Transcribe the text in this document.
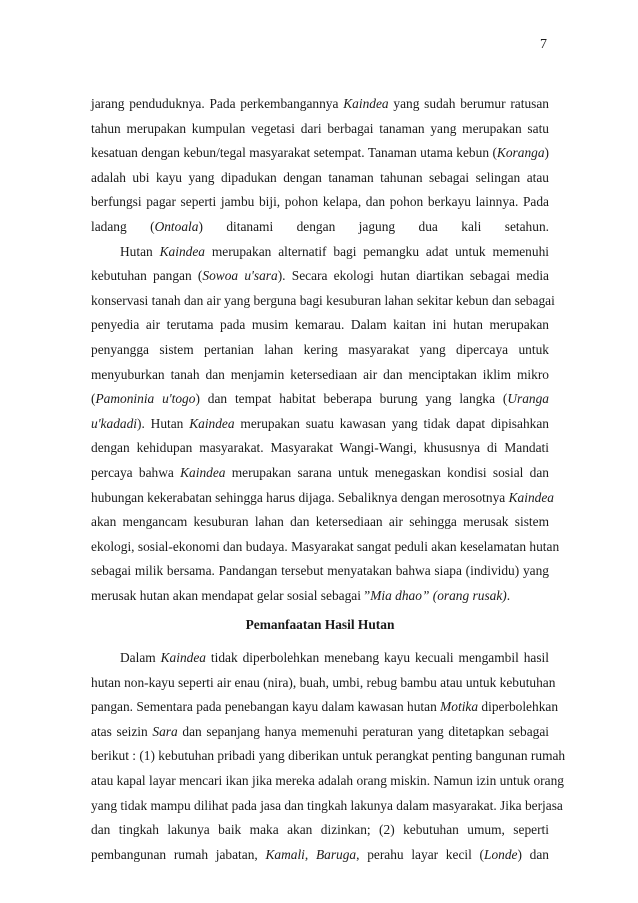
7
jarang penduduknya. Pada perkembangannya Kaindea yang sudah berumur ratusan
tahun merupakan kumpulan vegetasi dari berbagai tanaman yang merupakan satu
kesatuan dengan kebun/tegal masyarakat setempat. Tanaman utama kebun (Koranga)
adalah ubi kayu yang dipadukan dengan tanaman tahunan sebagai selingan atau
berfungsi pagar seperti jambu biji, pohon kelapa, dan pohon berkayu lainnya. Pada
ladang (Ontoala) ditanami dengan jagung dua kali setahun.
Hutan Kaindea merupakan alternatif bagi pemangku adat untuk memenuhi
kebutuhan pangan (Sowoa u'sara). Secara ekologi hutan diartikan sebagai media
konservasi tanah dan air yang berguna bagi kesuburan lahan sekitar kebun dan sebagai
penyedia air terutama pada musim kemarau. Dalam kaitan ini hutan merupakan
penyangga sistem pertanian lahan kering masyarakat yang dipercaya untuk
menyuburkan tanah dan menjamin ketersediaan air dan menciptakan iklim mikro
(Pamoninia u'togo) dan tempat habitat beberapa burung yang langka (Uranga
u'kadadi). Hutan Kaindea merupakan suatu kawasan yang tidak dapat dipisahkan
dengan kehidupan masyarakat. Masyarakat Wangi-Wangi, khususnya di Mandati
percaya bahwa Kaindea merupakan sarana untuk menegaskan kondisi sosial dan
hubungan kekerabatan sehingga harus dijaga. Sebaliknya dengan merosotnya Kaindea
akan mengancam kesuburan lahan dan ketersediaan air sehingga merusak sistem
ekologi, sosial-ekonomi dan budaya. Masyarakat sangat peduli akan keselamatan hutan
sebagai milik bersama. Pandangan tersebut menyatakan bahwa siapa (individu) yang
merusak hutan akan mendapat gelar sosial sebagai ”Mia dhao” (orang rusak).
Pemanfaatan Hasil Hutan
Dalam Kaindea tidak diperbolehkan menebang kayu kecuali mengambil hasil
hutan non-kayu seperti air enau (nira), buah, umbi, rebug bambu atau untuk kebutuhan
pangan. Sementara pada penebangan kayu dalam kawasan hutan Motika diperbolehkan
atas seizin Sara dan sepanjang hanya memenuhi peraturan yang ditetapkan sebagai
berikut : (1) kebutuhan pribadi yang diberikan untuk perangkat penting bangunan rumah
atau kapal layar mencari ikan jika mereka adalah orang miskin. Namun izin untuk orang
yang tidak mampu dilihat pada jasa dan tingkah lakunya dalam masyarakat. Jika berjasa
dan tingkah lakunya baik maka akan dizinkan; (2) kebutuhan umum, seperti
pembangunan rumah jabatan, Kamali, Baruga, perahu layar kecil (Londe) dan
